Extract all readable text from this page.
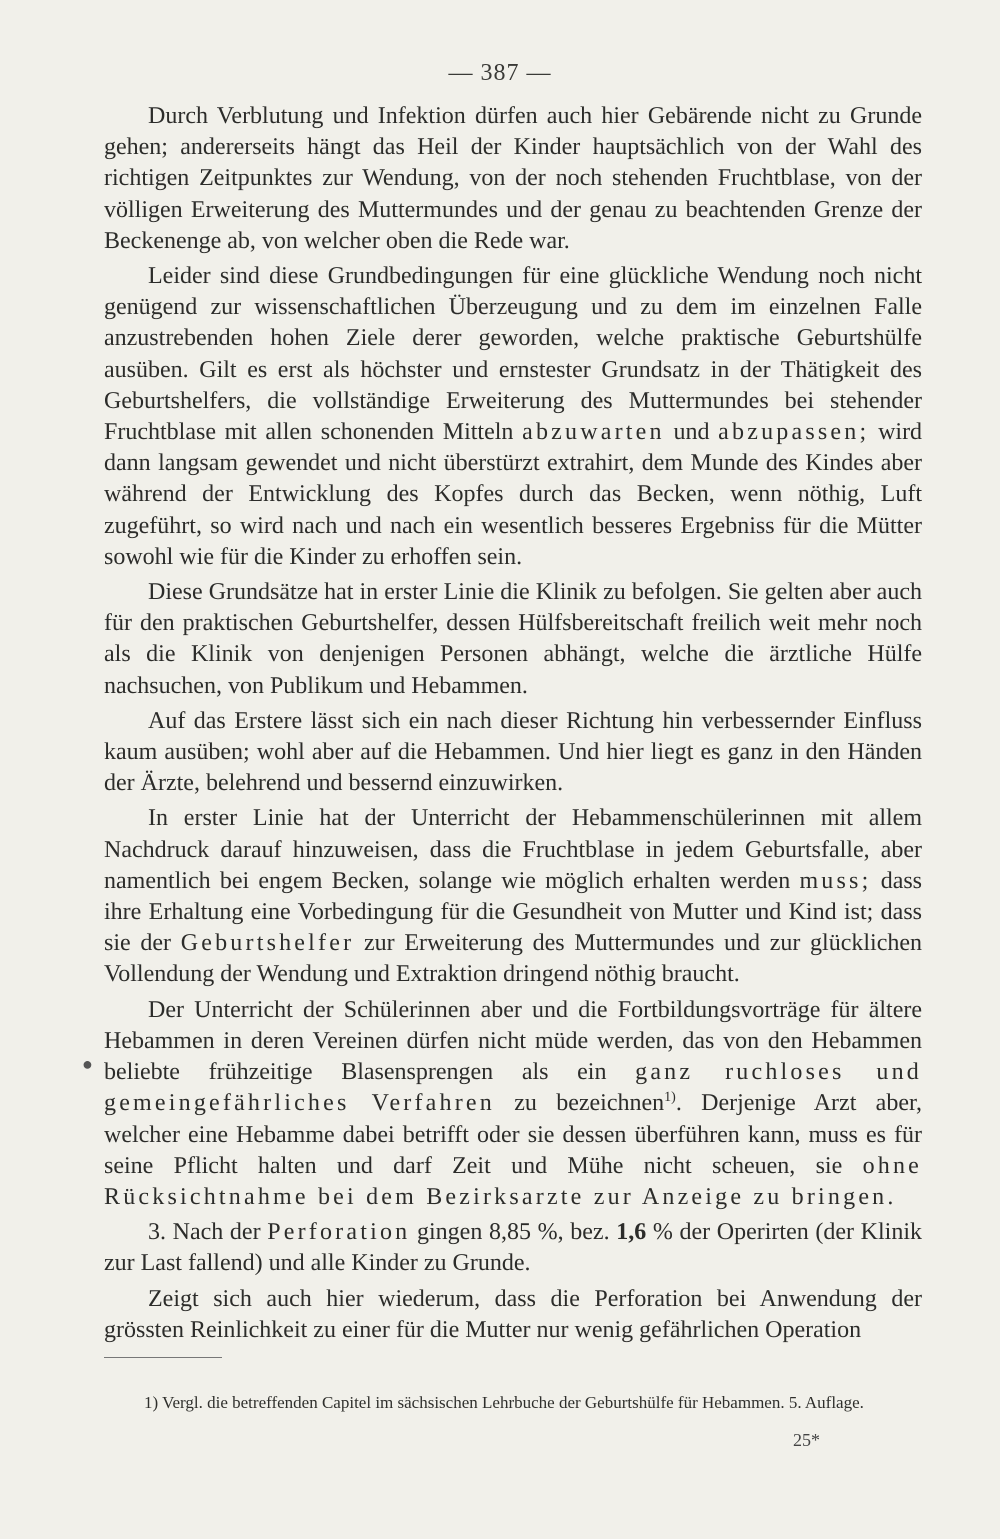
— 387 —

Durch Verblutung und Infektion dürfen auch hier Gebärende nicht zu Grunde gehen; andererseits hängt das Heil der Kinder hauptsächlich von der Wahl des richtigen Zeitpunktes zur Wendung, von der noch stehenden Fruchtblase, von der völligen Erweiterung des Muttermundes und der genau zu beachtenden Grenze der Beckenenge ab, von welcher oben die Rede war.

Leider sind diese Grundbedingungen für eine glückliche Wendung noch nicht genügend zur wissenschaftlichen Überzeugung und zu dem im einzelnen Falle anzustrebenden hohen Ziele derer geworden, welche praktische Geburtshülfe ausüben. Gilt es erst als höchster und ernstester Grundsatz in der Thätigkeit des Geburtshelfers, die vollständige Erweiterung des Muttermundes bei stehender Fruchtblase mit allen schonenden Mitteln abzuwarten und abzupassen; wird dann langsam gewendet und nicht überstürzt extrahirt, dem Munde des Kindes aber während der Entwicklung des Kopfes durch das Becken, wenn nöthig, Luft zugeführt, so wird nach und nach ein wesentlich besseres Ergebniss für die Mütter sowohl wie für die Kinder zu erhoffen sein.

Diese Grundsätze hat in erster Linie die Klinik zu befolgen. Sie gelten aber auch für den praktischen Geburtshelfer, dessen Hülfsbereitschaft freilich weit mehr noch als die Klinik von denjenigen Personen abhängt, welche die ärztliche Hülfe nachsuchen, von Publikum und Hebammen.

Auf das Erstere lässt sich ein nach dieser Richtung hin verbessernder Einfluss kaum ausüben; wohl aber auf die Hebammen. Und hier liegt es ganz in den Händen der Ärzte, belehrend und bessernd einzuwirken.

In erster Linie hat der Unterricht der Hebammenschülerinnen mit allem Nachdruck darauf hinzuweisen, dass die Fruchtblase in jedem Geburtsfalle, aber namentlich bei engem Becken, solange wie möglich erhalten werden muss; dass ihre Erhaltung eine Vorbedingung für die Gesundheit von Mutter und Kind ist; dass sie der Geburtshelfer zur Erweiterung des Muttermundes und zur glücklichen Vollendung der Wendung und Extraktion dringend nöthig braucht.

Der Unterricht der Schülerinnen aber und die Fortbildungsvorträge für ältere Hebammen in deren Vereinen dürfen nicht müde werden, das von den Hebammen beliebte frühzeitige Blasensprengen als ein ganz ruchloses und gemeingefährliches Verfahren zu bezeichnen$^{1)}$. Derjenige Arzt aber, welcher eine Hebamme dabei betrifft oder sie dessen überführen kann, muss es für seine Pflicht halten und darf Zeit und Mühe nicht scheuen, sie ohne Rücksichtnahme bei dem Bezirksarzte zur Anzeige zu bringen.

3. Nach der Perforation gingen 8,85 %, bez. 1,6 % der Operirten (der Klinik zur Last fallend) und alle Kinder zu Grunde.

Zeigt sich auch hier wiederum, dass die Perforation bei Anwendung der grössten Reinlichkeit zu einer für die Mutter nur wenig gefährlichen Operation

●
1) Vergl. die betreffenden Capitel im sächsischen Lehrbuche der Geburtshülfe für Hebammen. 5. Auflage.
25*
